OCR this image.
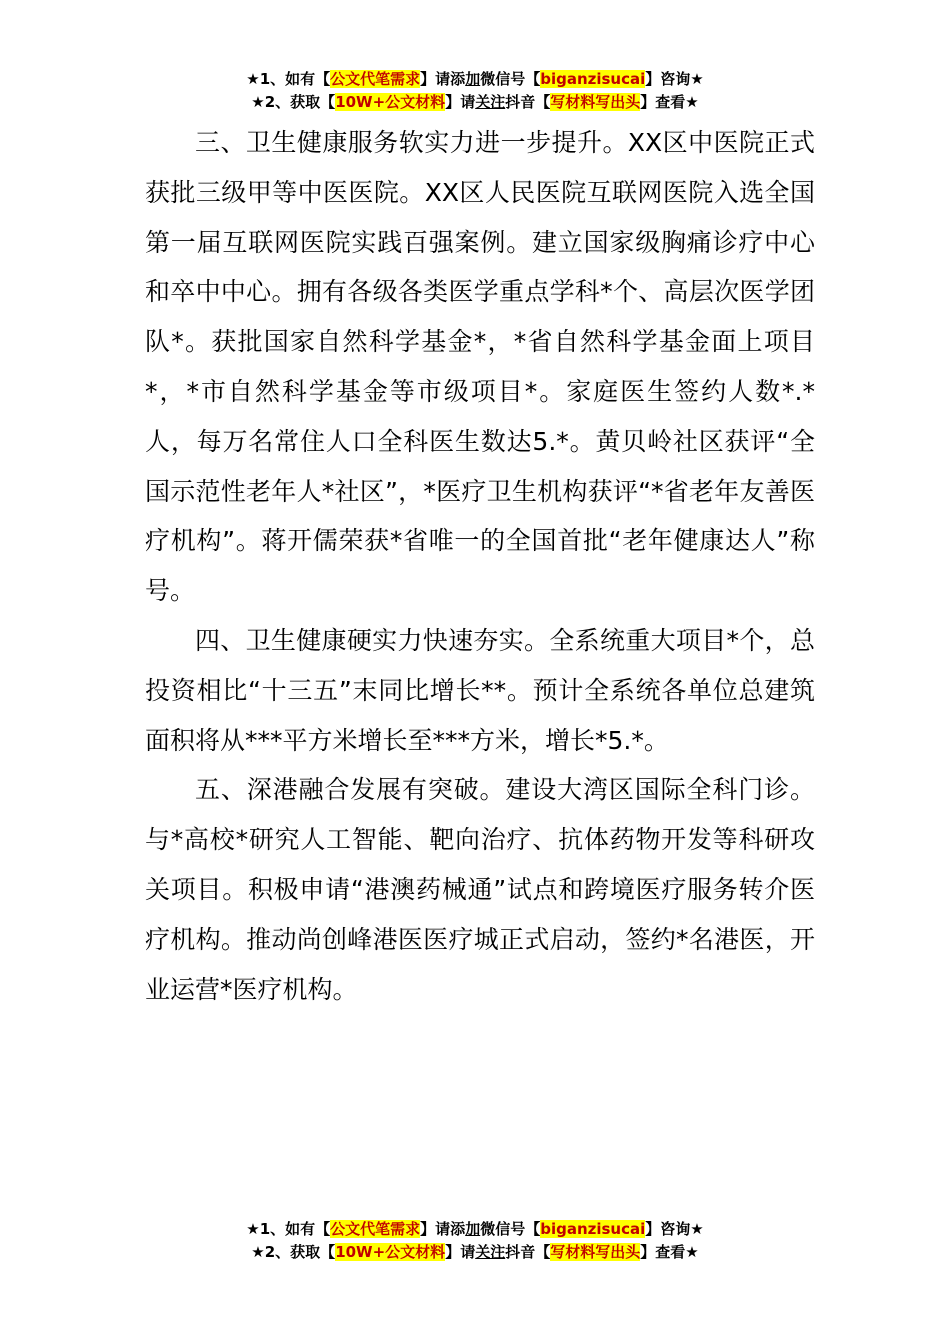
★1、如有【公文代笔需求】请添加微信号【biganzisucai】咨询★
★2、获取【10W+公文材料】请关注抖音【写材料写出头】查看★

三、卫生健康服务软实力进一步提升。XX区中医院正式获批三级甲等中医医院。XX区人民医院互联网医院入选全国第一届互联网医院实践百强案例。建立国家级胸痛诊疗中心和卒中中心。拥有各级各类医学重点学科*个、高层次医学团队*。获批国家自然科学基金*，*省自然科学基金面上项目*，*市自然科学基金等市级项目*。家庭医生签约人数*.*人，每万名常住人口全科医生数达5.*。黄贝岭社区获评“全国示范性老年人*社区”，*医疗卫生机构获评“*省老年友善医疗机构”。蒋开儒荣获*省唯一的全国首批“老年健康达人”称号。

四、卫生健康硬实力快速夯实。全系统重大项目*个，总投资相比“十三五”末同比增长**。预计全系统各单位总建筑面积将从***平方米增长至***方米，增长*5.*。

五、深港融合发展有突破。建设大湾区国际全科门诊。与*高校*研究人工智能、靶向治疗、抗体药物开发等科研攻关项目。积极申请“港澳药械通”试点和跨境医疗服务转介医疗机构。推动尚创峰港医医疗城正式启动，签约*名港医，开业运营*医疗机构。

★1、如有【公文代笔需求】请添加微信号【biganzisucai】咨询★
★2、获取【10W+公文材料】请关注抖音【写材料写出头】查看★
